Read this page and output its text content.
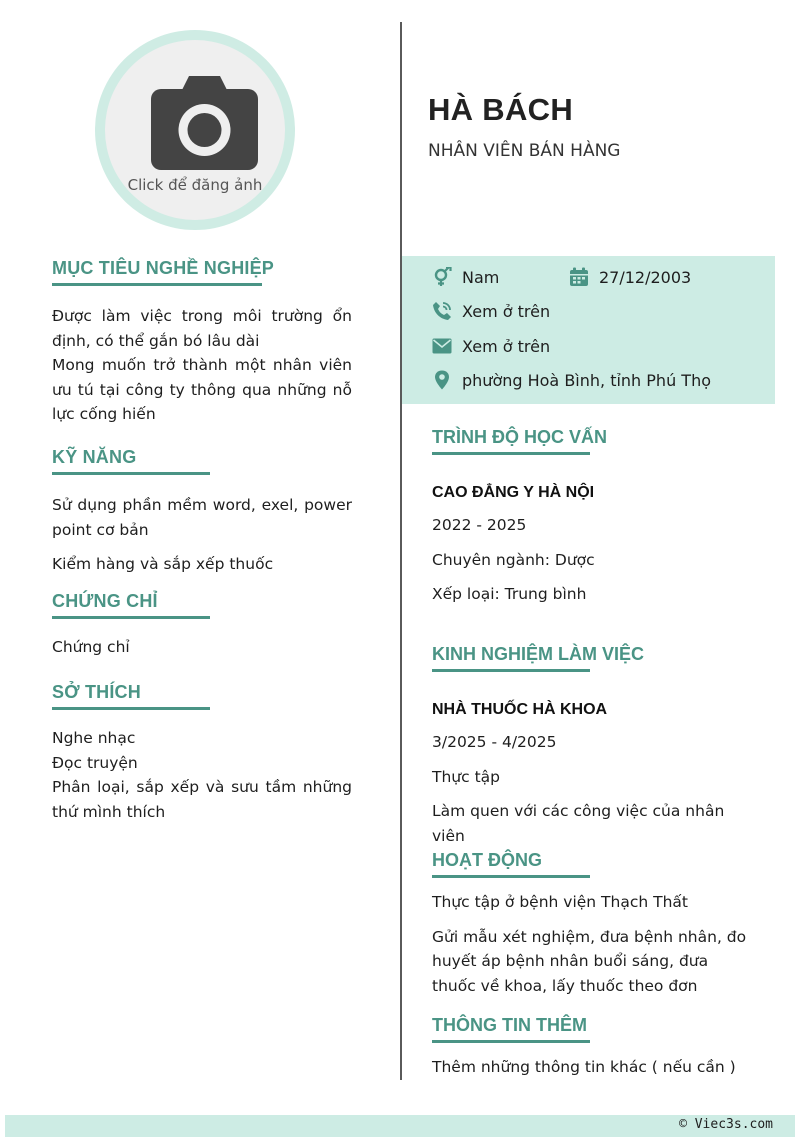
Click để đăng ảnh
MỤC TIÊU NGHỀ NGHIỆP
Được làm việc trong môi trường ổn định, có thể gắn bó lâu dài
Mong muốn trở thành một nhân viên ưu tú tại công ty thông qua những nỗ lực cống hiến
KỸ NĂNG
Sử dụng phần mềm word, exel, power point cơ bản
Kiểm hàng và sắp xếp thuốc
CHỨNG CHỈ
Chứng chỉ
SỞ THÍCH
Nghe nhạc
Đọc truyện
Phân loại, sắp xếp và sưu tầm những thứ mình thích
HÀ BÁCH
NHÂN VIÊN BÁN HÀNG
Nam	27/12/2003
Xem ở trên
Xem ở trên
phường Hoà Bình, tỉnh Phú Thọ
TRÌNH ĐỘ HỌC VẤN
CAO ĐẲNG Y HÀ NỘI
2022 - 2025
Chuyên ngành: Dược
Xếp loại: Trung bình
KINH NGHIỆM LÀM VIỆC
NHÀ THUỐC HÀ KHOA
3/2025 - 4/2025
Thực tập
Làm quen với các công việc của nhân viên
HOẠT ĐỘNG
Thực tập ở bệnh viện Thạch Thất
Gửi mẫu xét nghiệm, đưa bệnh nhân, đo huyết áp bệnh nhân buổi sáng, đưa thuốc về khoa, lấy thuốc theo đơn
THÔNG TIN THÊM
Thêm những thông tin khác ( nếu cần )
© Viec3s.com
